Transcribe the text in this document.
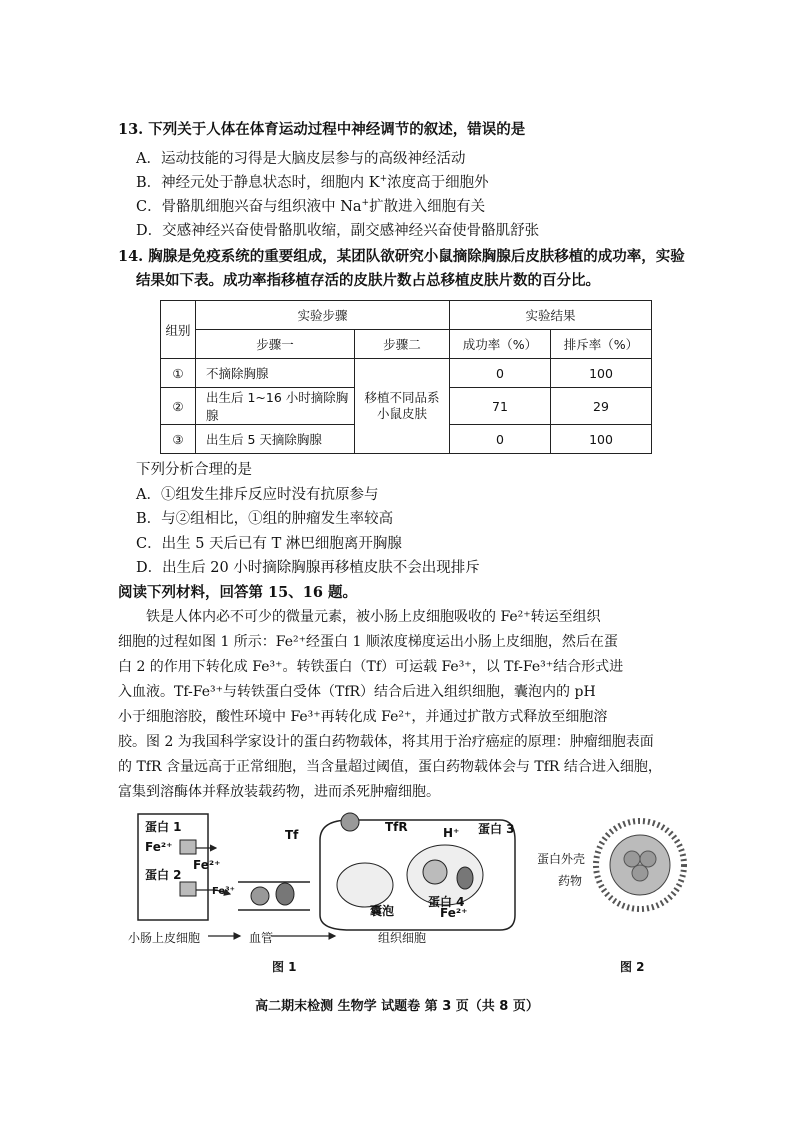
13. 下列关于人体在体育运动过程中神经调节的叙述，错误的是
A．运动技能的习得是大脑皮层参与的高级神经活动
B．神经元处于静息状态时，细胞内 K+浓度高于细胞外
C．骨骼肌细胞兴奋与组织液中 Na+扩散进入细胞有关
D．交感神经兴奋使骨骼肌收缩，副交感神经兴奋使骨骼肌舒张
14. 胸腺是免疫系统的重要组成，某团队欲研究小鼠摘除胸腺后皮肤移植的成功率，实验
结果如下表。成功率指移植存活的皮肤片数占总移植皮肤片数的百分比。
组别	实验步骤		实验结果	
	步骤一	步骤二	成功率（%）	排斥率（%）
①	不摘除胸腺	移植不同品系小鼠皮肤	0	100
②	出生后 1~16 小时摘除胸腺		71	29
③	出生后 5 天摘除胸腺		0	100
下列分析合理的是
A．①组发生排斥反应时没有抗原参与
B．与②组相比，①组的肿瘤发生率较高
C．出生 5 天后已有 T 淋巴细胞离开胸腺
D．出生后 20 小时摘除胸腺再移植皮肤不会出现排斥
阅读下列材料，回答第 15、16 题。
铁是人体内必不可少的微量元素，被小肠上皮细胞吸收的 Fe²⁺转运至组织
细胞的过程如图 1 所示：Fe²⁺经蛋白 1 顺浓度梯度运出小肠上皮细胞，然后在蛋
白 2 的作用下转化成 Fe³⁺。转铁蛋白（Tf）可运载 Fe³⁺，以 Tf-Fe³⁺结合形式进
入血液。Tf-Fe³⁺与转铁蛋白受体（TfR）结合后进入组织细胞，囊泡内的 pH
小于细胞溶胶，酸性环境中 Fe³⁺再转化成 Fe²⁺，并通过扩散方式释放至细胞溶
胶。图 2 为我国科学家设计的蛋白药物载体，将其用于治疗癌症的原理：肿瘤细胞表面
的 TfR 含量远高于正常细胞，当含量超过阈值，蛋白药物载体会与 TfR 结合进入细胞，
富集到溶酶体并释放装载药物，进而杀死肿瘤细胞。
蛋白 1
Fe²⁺
Fe²⁺
蛋白 2
Fe³⁺
Tf
TfR	H⁺ 蛋白 3
蛋白 4
Fe²⁺
囊泡
小肠上皮细胞	血管	组织细胞
图 1
蛋白外壳
药物
图 2
高二期末检测 生物学 试题卷 第 3 页（共 8 页）
